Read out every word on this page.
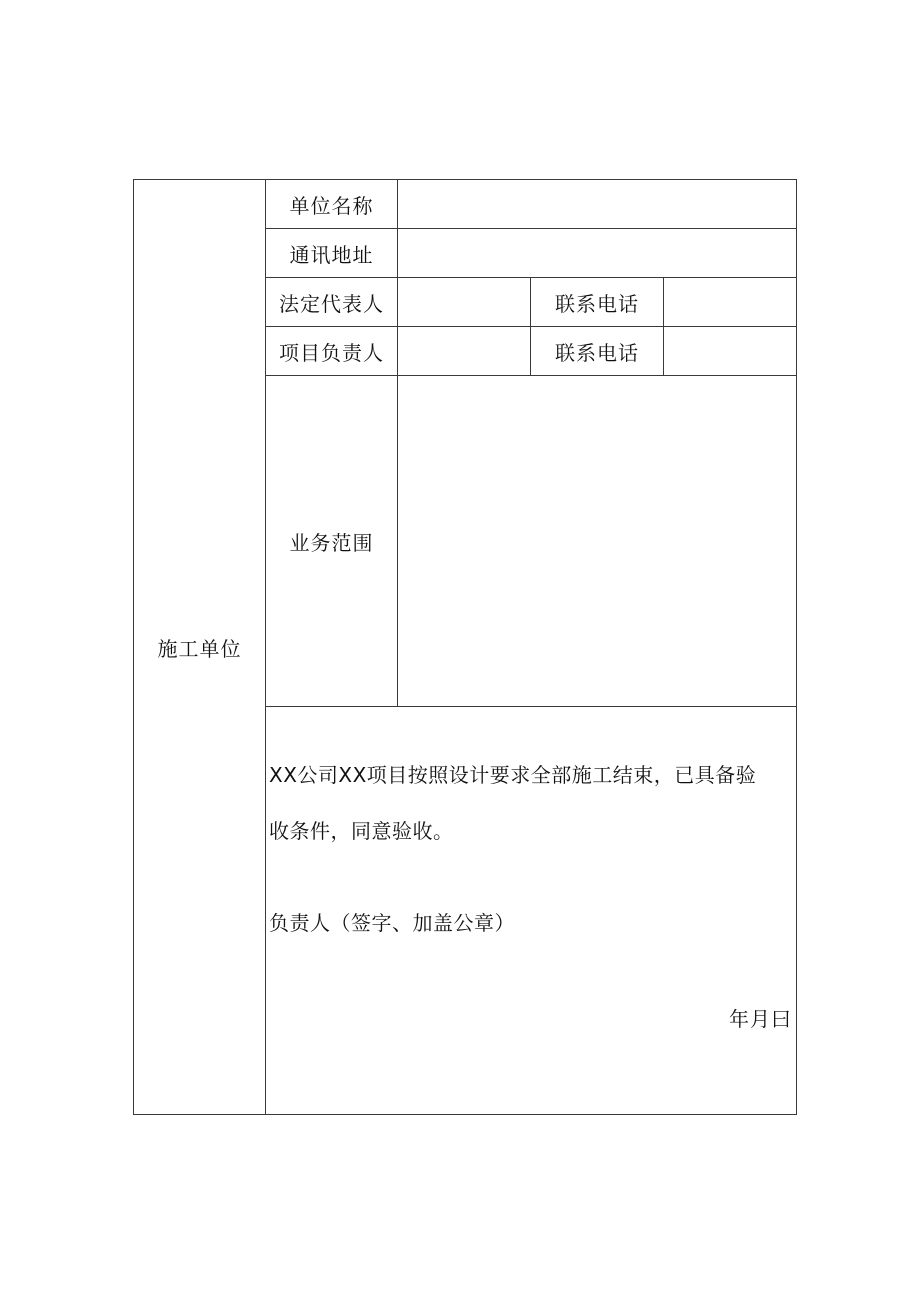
施工单位	单位名称			
	通讯地址			
	法定代表人		联系电话	
	项目负责人		联系电话	
	业务范围			

	XX公司XX项目按照设计要求全部施工结束，已具备验
收条件，同意验收。
负责人（签字、加盖公章）
年月曰			
